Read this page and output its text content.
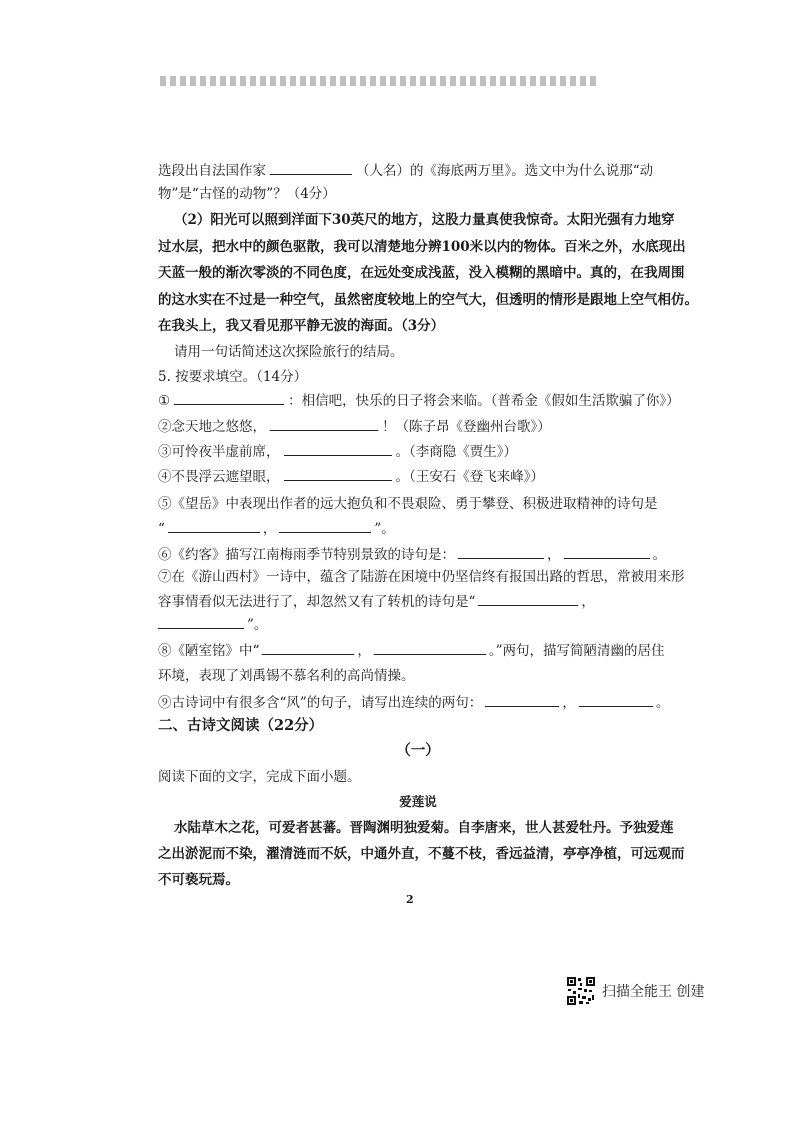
选段出自法国作家	（人名）的《海底两万里》。选文中为什么说那“动
物”是“古怪的动物”？（4分）
（2）阳光可以照到洋面下30英尺的地方，这股力量真使我惊奇。太阳光强有力地穿
过水层，把水中的颜色驱散，我可以清楚地分辨100米以内的物体。百米之外，水底现出
天蓝一般的渐次零淡的不同色度，在远处变成浅蓝，没入模糊的黑暗中。真的，在我周围
的这水实在不过是一种空气，虽然密度较地上的空气大，但透明的情形是跟地上空气相仿。
在我头上，我又看见那平静无波的海面。（3分）
请用一句话简述这次探险旅行的结局。
5. 按要求填空。（14分）
①	：相信吧，快乐的日子将会来临。（普希金《假如生活欺骗了你》）
②念天地之悠悠，	！（陈子昂《登幽州台歌》）
③可怜夜半虚前席，	。（李商隐《贾生》）
④不畏浮云遮望眼，	。（王安石《登飞来峰》）
⑤《望岳》中表现出作者的远大抱负和不畏艰险、勇于攀登、积极进取精神的诗句是
“	，	”。
⑥《约客》描写江南梅雨季节特别景致的诗句是：	，	。
⑦在《游山西村》一诗中，蕴含了陆游在困境中仍坚信终有报国出路的哲思，常被用来形
容事情看似无法进行了，却忽然又有了转机的诗句是“	，
”。
⑧《陋室铭》中“	，	。”两句，描写简陋清幽的居住
环境，表现了刘禹锡不慕名利的高尚情操。
⑨古诗词中有很多含“风”的句子，请写出连续的两句：	，	。
二、古诗文阅读（22分）
（一）
阅读下面的文字，完成下面小题。
爱莲说
水陆草木之花，可爱者甚蕃。晋陶渊明独爱菊。自李唐来，世人甚爱牡丹。予独爱莲
之出淤泥而不染，濯清涟而不妖，中通外直，不蔓不枝，香远益清，亭亭净植，可远观而
不可亵玩焉。
2
扫描全能王 创建
